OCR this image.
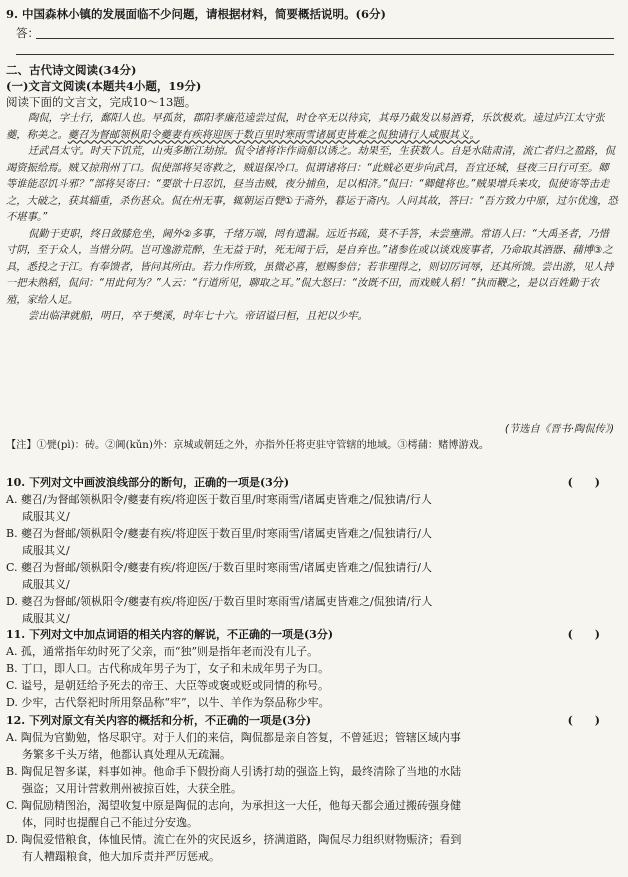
9. 中国森林小镇的发展面临不少问题，请根据材料，简要概括说明。(6分)
答：
二、古代诗文阅读(34分)
(一)文言文阅读(本题共4小题，19分)
阅读下面的文言文，完成10～13题。

陶侃，字士行，鄱阳人也。早孤贫，郡阳孝廉范逵尝过侃，时仓卒无以待宾，其母乃截发以易酒肴，乐饮极欢。逵过庐江太守张夔，称美之。夔召为督邮领枞阳令夔妻有疾将迎医于数百里时寒雨雪诸属吏皆难之侃独请行人咸服其义。

迁武昌太守。时天下饥荒，山夷多断江劫掠。侃令诸将诈作商船以诱之。劫果至，生获数人。自是水陆肃清，流亡者归之盈路，侃竭资振给焉。贼又掠荆州丁口。侃使部将吴寄救之，贼退保冷口。侃谓诸将曰：“此贼必更步向武昌，吾宜还城，昼夜三日行可至。卿等谁能忍饥斗邪？”部将吴寄曰：“要欲十日忍饥，昼当击贼，夜分捕鱼，足以相济。”侃曰：“卿健将也。”贼果增兵来攻，侃使寄等击走之，大破之，获其辎重，杀伤甚众。侃在州无事，辄朝运百甓①于斋外，暮运于斋内。人问其故，答曰：“吾方致力中原，过尔优逸，恐不堪事。”

侃勤于吏职，终日敛膝危坐，阃外②多事，千绪万端，罔有遗漏。远近书疏，莫不手答，未尝壅滞。常语人曰：“大禹圣者，乃惜寸阴，至于众人，当惜分阴。岂可逸游荒醉，生无益于时，死无闻于后，是自弃也。”诸参佐或以谈戏废事者，乃命取其酒器、蒱博③之具，悉投之于江。有奉馈者，皆问其所由。若力作所致，虽微必喜，慰赐参倍；若非理得之，则切厉诃辱，还其所馈。尝出游，见人持一把未熟稻，侃问：“用此何为？”人云：“行道所见，聊取之耳。”侃大怒曰：“汝既不田，而戏贼人稻！”执而鞭之，是以百姓勤于农殖，家给人足。

尝出临津就船，明日，卒于樊溪，时年七十六。帝诏谥曰桓，且祀以少牢。

(节选自《晋书·陶侃传》)
【注】①甓(pì)：砖。②阃(kǔn)外：京城或朝廷之外，亦指外任将吏驻守管辖的地域。③樗蒱：赌博游戏。
10. 下列对文中画波浪线部分的断句，正确的一项是(3分)	(　　)
A. 夔召/为督邮领枞阳令/夔妻有疾/将迎医于数百里/时寒雨雪/诸属吏皆难之/侃独请/行人
咸服其义/
B. 夔召为督邮/领枞阳令/夔妻有疾/将迎医于数百里/时寒雨雪/诸属吏皆难之/侃独请行/人
咸服其义/
C. 夔召为督邮/领枞阳令/夔妻有疾/将迎医/于数百里时寒雨雪/诸属吏皆难之/侃独请行/人
咸服其义/
D. 夔召为督邮/领枞阳令/夔妻有疾/将迎医/于数百里时寒雨雪/诸属吏皆难之/侃独请/行人
咸服其义/
11. 下列对文中加点词语的相关内容的解说，不正确的一项是(3分)	(　　)
A. 孤，通常指年幼时死了父亲，而“独”则是指年老而没有儿子。
B. 丁口，即人口。古代称成年男子为丁，女子和未成年男子为口。
C. 谥号，是朝廷给予死去的帝王、大臣等或褒或贬或同情的称号。
D. 少牢，古代祭祀时所用祭品称“牢”，以牛、羊作为祭品称少牢。
12. 下列对原文有关内容的概括和分析，不正确的一项是(3分)	(　　)
A. 陶侃为官勤勉，恪尽职守。对于人们的来信，陶侃都是亲自答复，不曾延迟；管辖区域内事
务繁多千头万绪，他都认真处理从无疏漏。
B. 陶侃足智多谋，料事如神。他命手下假扮商人引诱打劫的强盗上钩，最终清除了当地的水陆
强盗；又用计营救荆州被掠百姓，大获全胜。
C. 陶侃励精图治，渴望收复中原是陶侃的志向，为承担这一大任，他每天都会通过搬砖强身健
体，同时也提醒自己不能过分安逸。
D. 陶侃爱惜粮食，体恤民情。流亡在外的灾民返乡，挤满道路，陶侃尽力组织财物赈济；看到
有人糟蹋粮食，他大加斥责并严厉惩戒。
